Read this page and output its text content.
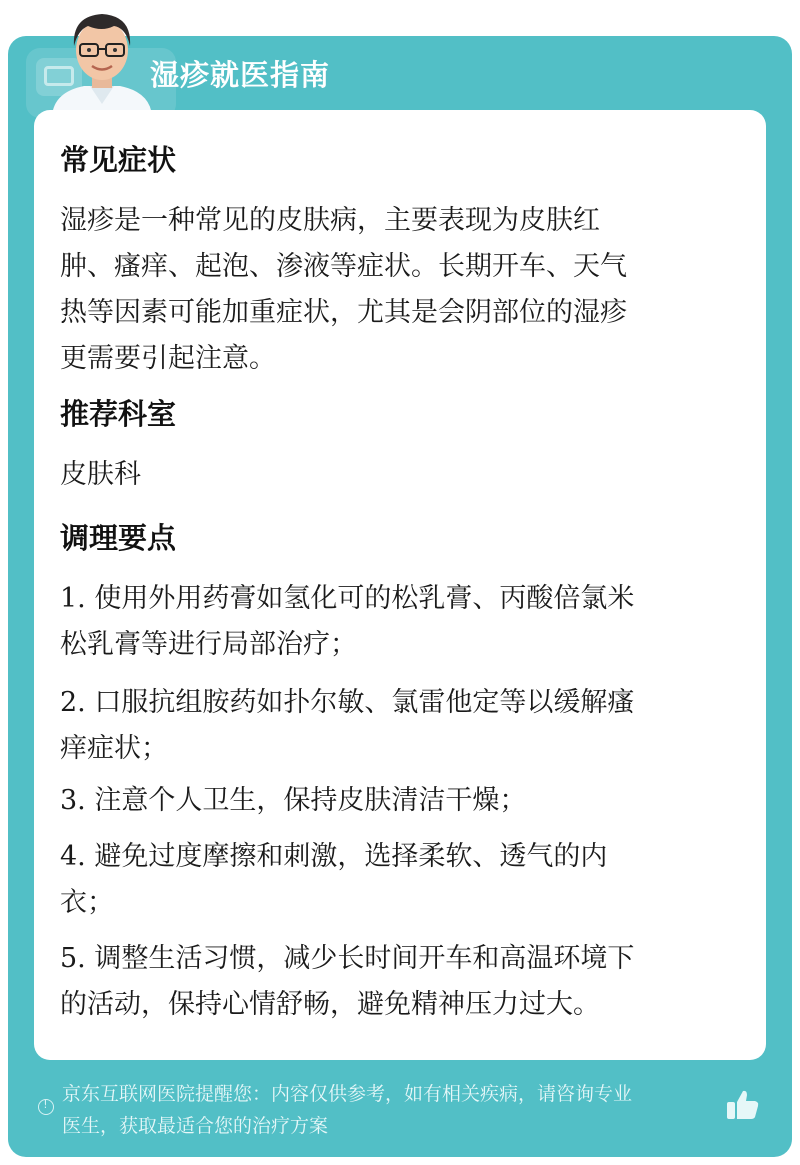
湿疹就医指南
常见症状
湿疹是一种常见的皮肤病，主要表现为皮肤红
肿、瘙痒、起泡、渗液等症状。长期开车、天气
热等因素可能加重症状，尤其是会阴部位的湿疹
更需要引起注意。
推荐科室
皮肤科
调理要点
1. 使用外用药膏如氢化可的松乳膏、丙酸倍氯米
松乳膏等进行局部治疗；
2. 口服抗组胺药如扑尔敏、氯雷他定等以缓解瘙
痒症状；
3. 注意个人卫生，保持皮肤清洁干燥；
4. 避免过度摩擦和刺激，选择柔软、透气的内
衣；
5. 调整生活习惯，减少长时间开车和高温环境下
的活动，保持心情舒畅，避免精神压力过大。
!
京东互联网医院提醒您：内容仅供参考，如有相关疾病，请咨询专业
医生，获取最适合您的治疗方案
